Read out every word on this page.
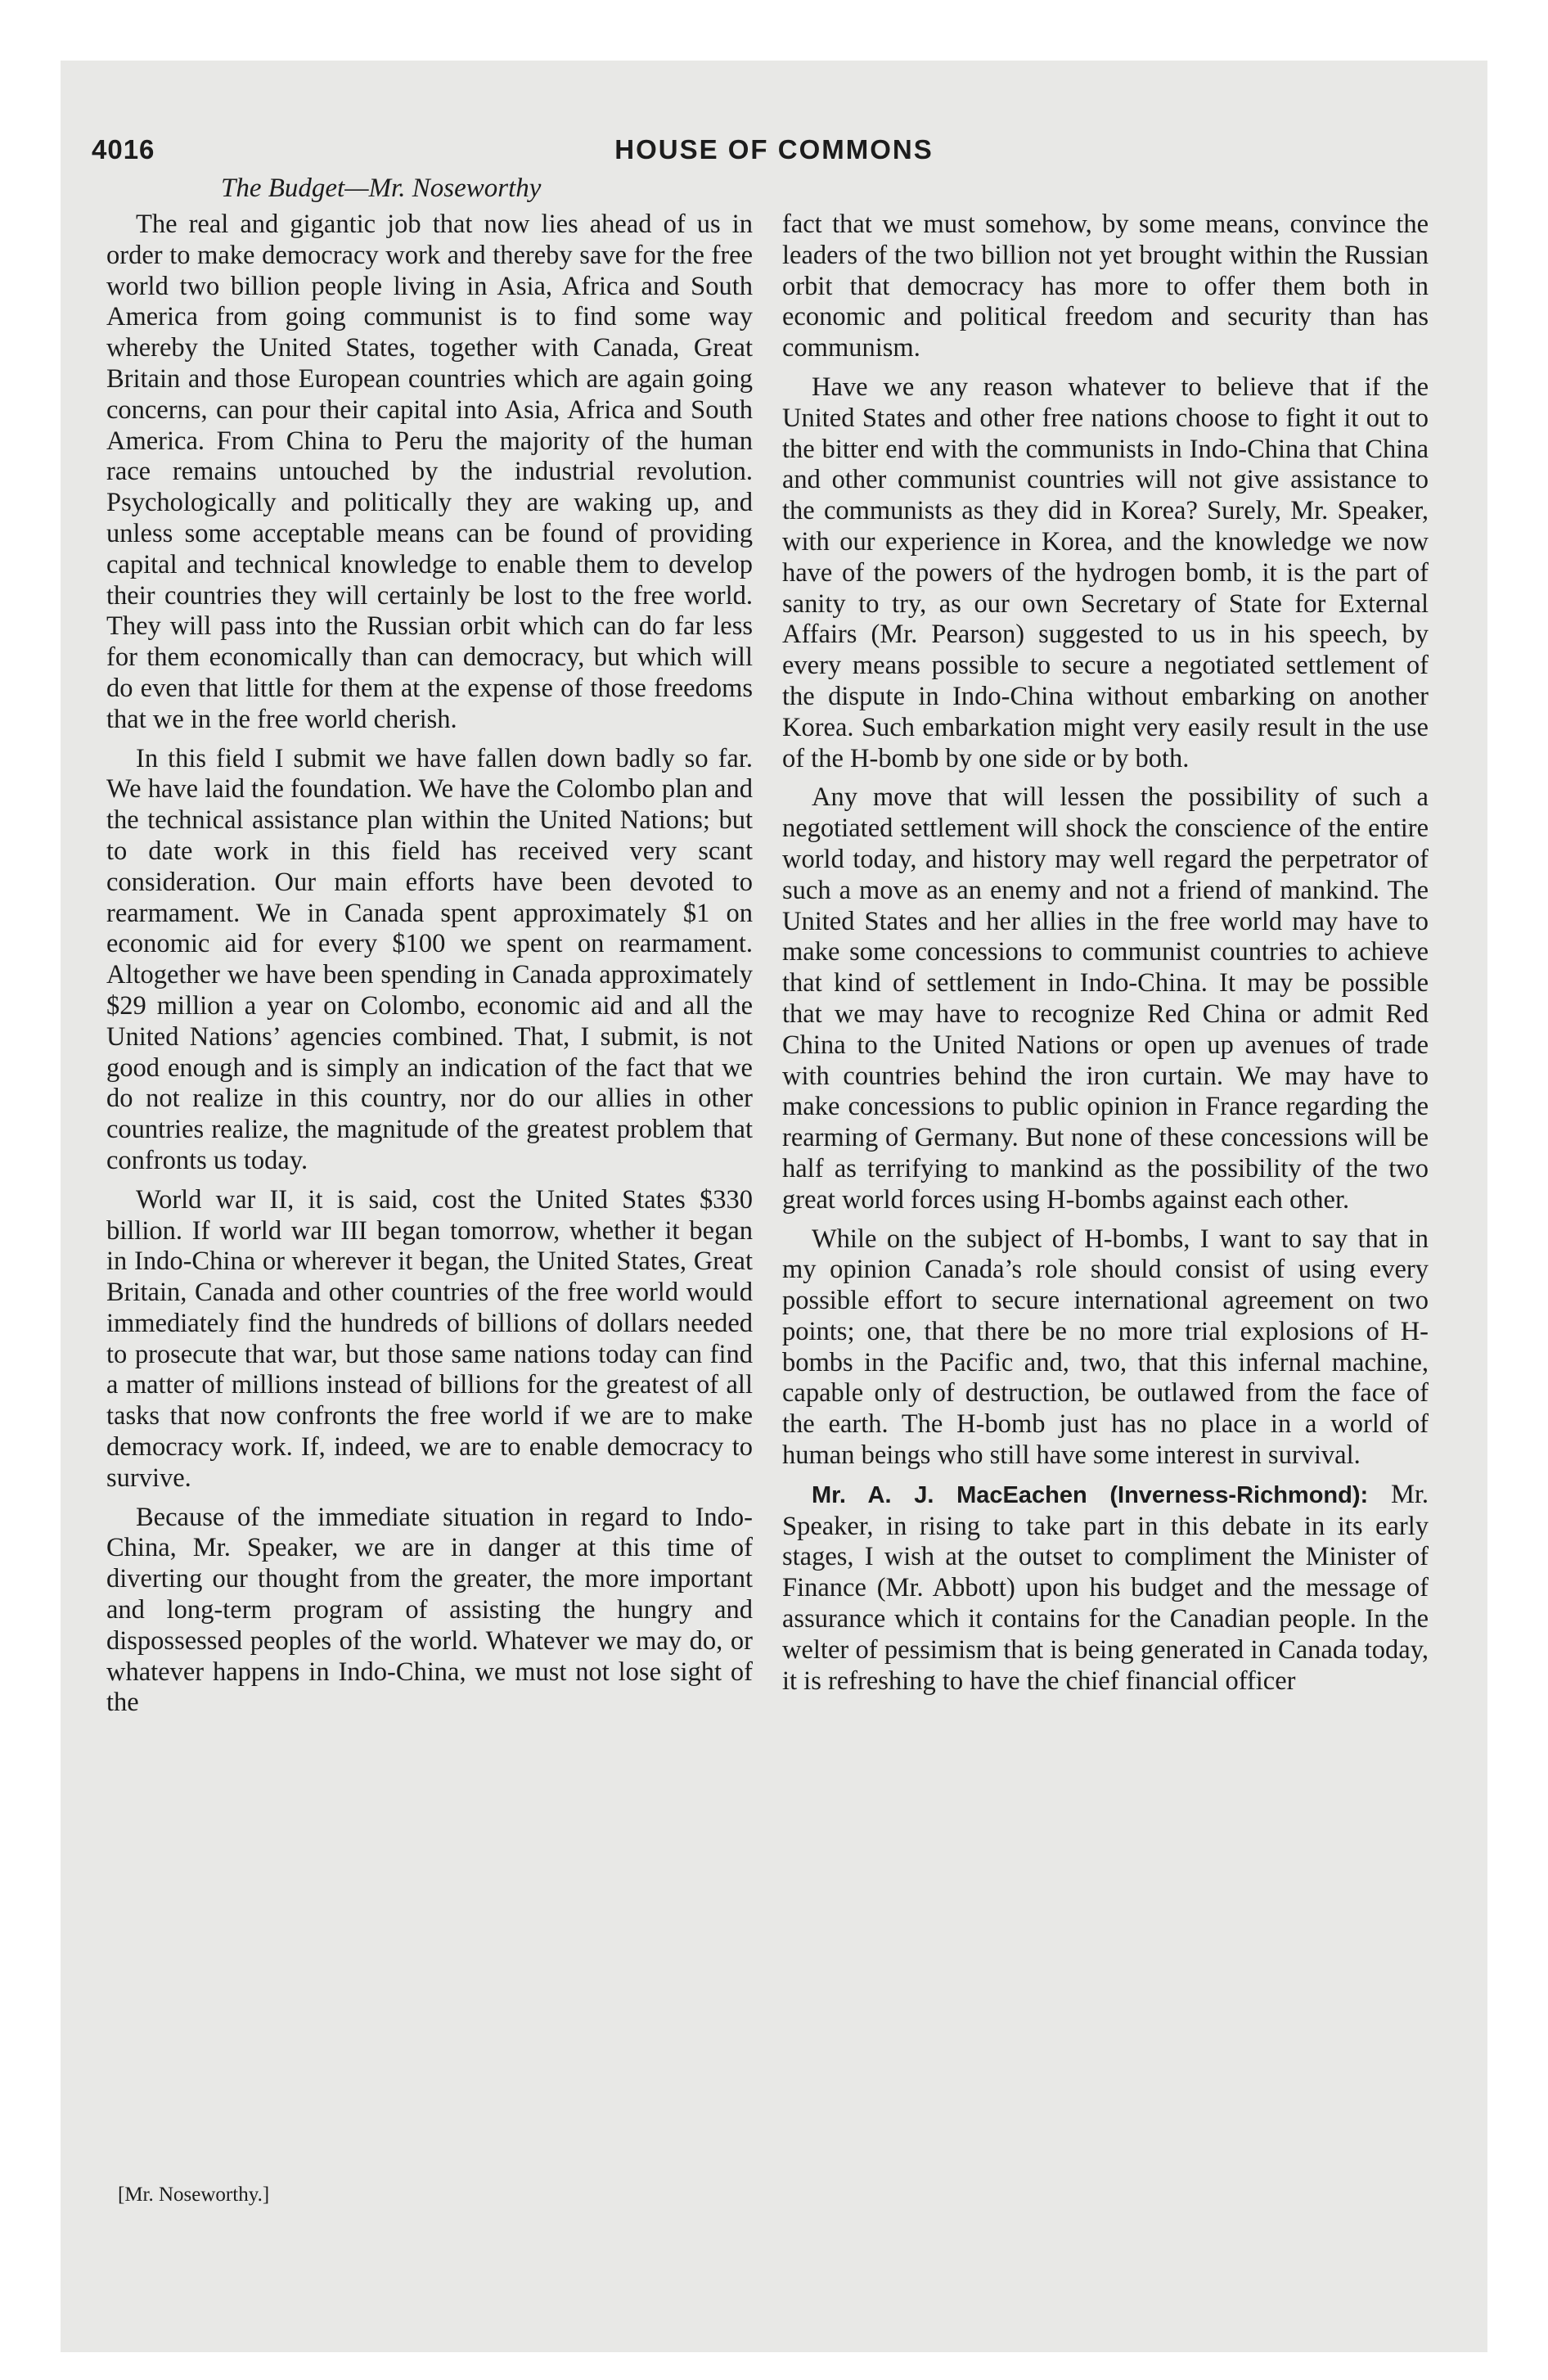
4016	HOUSE OF COMMONS
The Budget—Mr. Noseworthy

The real and gigantic job that now lies ahead of us in order to make democracy work and thereby save for the free world two billion people living in Asia, Africa and South America from going communist is to find some way whereby the United States, together with Canada, Great Britain and those European countries which are again going concerns, can pour their capital into Asia, Africa and South America. From China to Peru the majority of the human race remains untouched by the industrial revolution. Psychologically and politically they are waking up, and unless some acceptable means can be found of providing capital and technical knowledge to enable them to develop their countries they will certainly be lost to the free world. They will pass into the Russian orbit which can do far less for them economically than can democracy, but which will do even that little for them at the expense of those freedoms that we in the free world cherish.

In this field I submit we have fallen down badly so far. We have laid the foundation. We have the Colombo plan and the technical assistance plan within the United Nations; but to date work in this field has received very scant consideration. Our main efforts have been devoted to rearmament. We in Canada spent approximately $1 on economic aid for every $100 we spent on rearmament. Altogether we have been spending in Canada approximately $29 million a year on Colombo, economic aid and all the United Nations’ agencies combined. That, I submit, is not good enough and is simply an indication of the fact that we do not realize in this country, nor do our allies in other countries realize, the magnitude of the greatest problem that confronts us today.

World war II, it is said, cost the United States $330 billion. If world war III began tomorrow, whether it began in Indo-China or wherever it began, the United States, Great Britain, Canada and other countries of the free world would immediately find the hundreds of billions of dollars needed to prosecute that war, but those same nations today can find a matter of millions instead of billions for the greatest of all tasks that now confronts the free world if we are to make democracy work. If, indeed, we are to enable democracy to survive.

Because of the immediate situation in regard to Indo-China, Mr. Speaker, we are in danger at this time of diverting our thought from the greater, the more important and long-term program of assisting the hungry and dispossessed peoples of the world. Whatever we may do, or whatever happens in Indo-China, we must not lose sight of the

fact that we must somehow, by some means, convince the leaders of the two billion not yet brought within the Russian orbit that democracy has more to offer them both in economic and political freedom and security than has communism.

Have we any reason whatever to believe that if the United States and other free nations choose to fight it out to the bitter end with the communists in Indo-China that China and other communist countries will not give assistance to the communists as they did in Korea? Surely, Mr. Speaker, with our experience in Korea, and the knowledge we now have of the powers of the hydrogen bomb, it is the part of sanity to try, as our own Secretary of State for External Affairs (Mr. Pearson) suggested to us in his speech, by every means possible to secure a negotiated settlement of the dispute in Indo-China without embarking on another Korea. Such embarkation might very easily result in the use of the H-bomb by one side or by both.

Any move that will lessen the possibility of such a negotiated settlement will shock the conscience of the entire world today, and history may well regard the perpetrator of such a move as an enemy and not a friend of mankind. The United States and her allies in the free world may have to make some concessions to communist countries to achieve that kind of settlement in Indo-China. It may be possible that we may have to recognize Red China or admit Red China to the United Nations or open up avenues of trade with countries behind the iron curtain. We may have to make concessions to public opinion in France regarding the rearming of Germany. But none of these concessions will be half as terrifying to mankind as the possibility of the two great world forces using H-bombs against each other.

While on the subject of H-bombs, I want to say that in my opinion Canada’s role should consist of using every possible effort to secure international agreement on two points; one, that there be no more trial explosions of H-bombs in the Pacific and, two, that this infernal machine, capable only of destruction, be outlawed from the face of the earth. The H-bomb just has no place in a world of human beings who still have some interest in survival.

Mr. A. J. MacEachen (Inverness-Richmond): Mr. Speaker, in rising to take part in this debate in its early stages, I wish at the outset to compliment the Minister of Finance (Mr. Abbott) upon his budget and the message of assurance which it contains for the Canadian people. In the welter of pessimism that is being generated in Canada today, it is refreshing to have the chief financial officer

[Mr. Noseworthy.]
